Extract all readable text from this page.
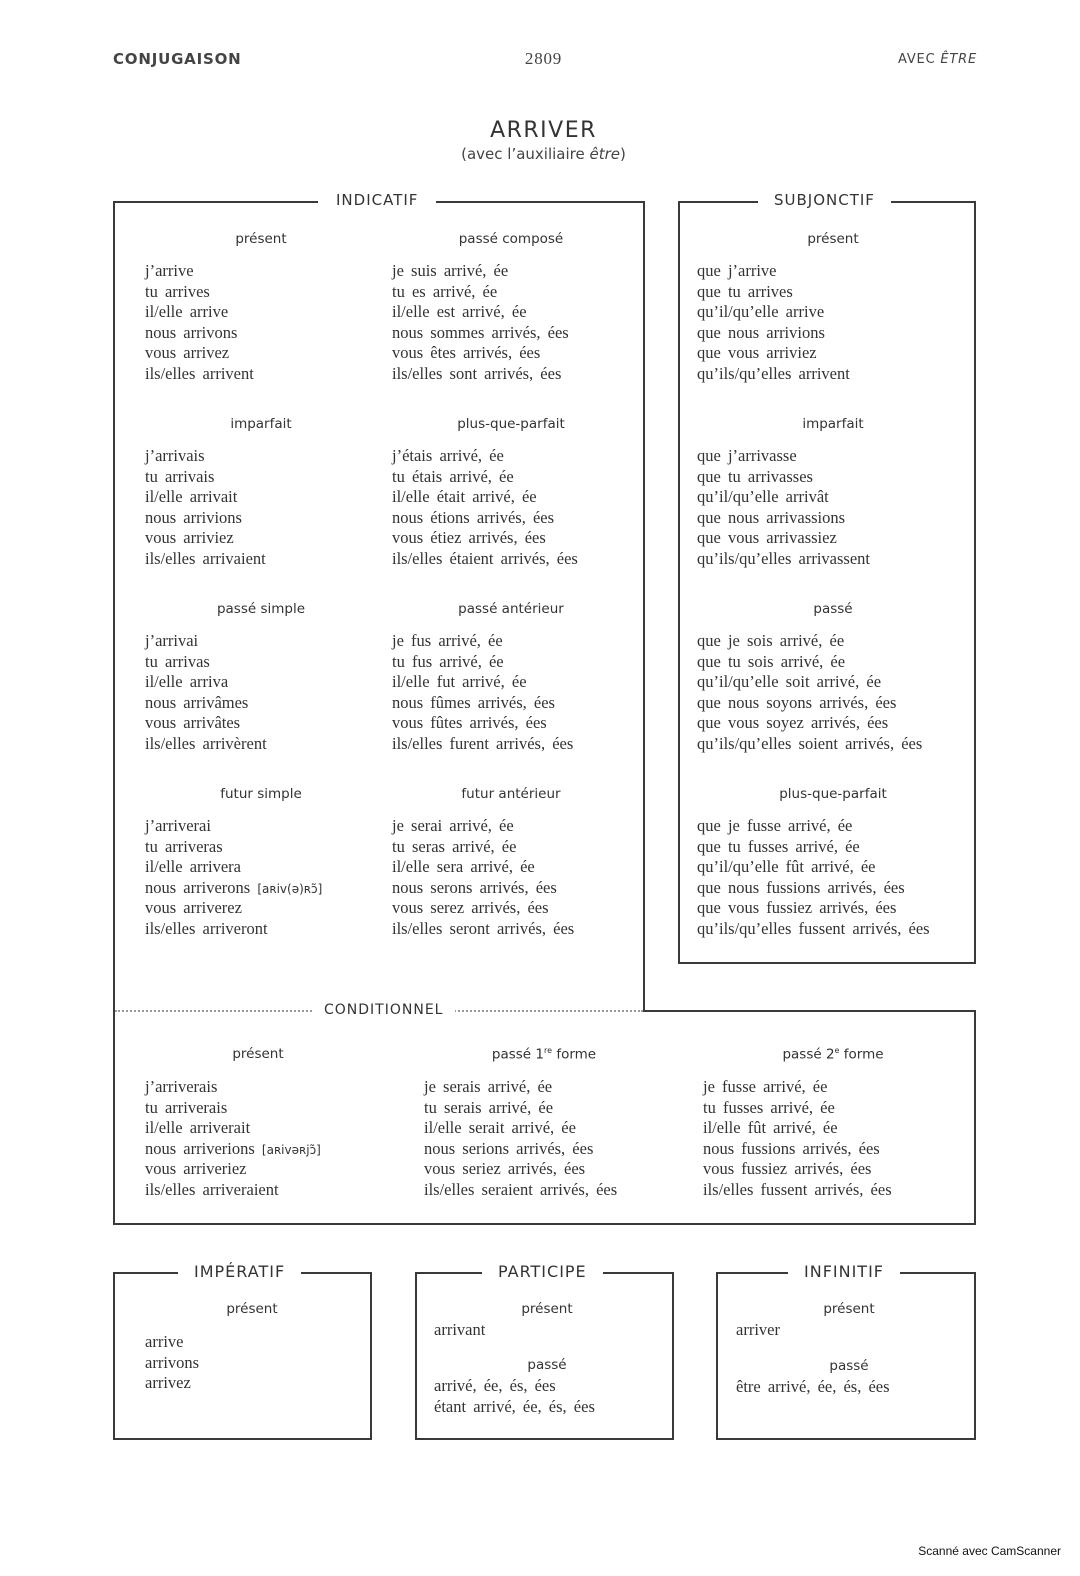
CONJUGAISON	2809	AVEC ÊTRE
ARRIVER
(avec l’auxiliaire être)
INDICATIF	SUBJONCTIF
CONDITIONNEL
IMPÉRATIF	PARTICIPE	INFINITIF
présent
j’arrive
tu arrives
il/elle arrive
nous arrivons
vous arrivez
ils/elles arrivent
passé composé
je suis arrivé, ée
tu es arrivé, ée
il/elle est arrivé, ée
nous sommes arrivés, ées
vous êtes arrivés, ées
ils/elles sont arrivés, ées
imparfait
j’arrivais
tu arrivais
il/elle arrivait
nous arrivions
vous arriviez
ils/elles arrivaient
plus-que-parfait
j’étais arrivé, ée
tu étais arrivé, ée
il/elle était arrivé, ée
nous étions arrivés, ées
vous étiez arrivés, ées
ils/elles étaient arrivés, ées
passé simple
j’arrivai
tu arrivas
il/elle arriva
nous arrivâmes
vous arrivâtes
ils/elles arrivèrent
passé antérieur
je fus arrivé, ée
tu fus arrivé, ée
il/elle fut arrivé, ée
nous fûmes arrivés, ées
vous fûtes arrivés, ées
ils/elles furent arrivés, ées
futur simple
j’arriverai
tu arriveras
il/elle arrivera
nous arriverons [aʀiv(ə)ʀɔ̃]
vous arriverez
ils/elles arriveront
futur antérieur
je serai arrivé, ée
tu seras arrivé, ée
il/elle sera arrivé, ée
nous serons arrivés, ées
vous serez arrivés, ées
ils/elles seront arrivés, ées
présent
que j’arrive
que tu arrives
qu’il/qu’elle arrive
que nous arrivions
que vous arriviez
qu’ils/qu’elles arrivent
imparfait
que j’arrivasse
que tu arrivasses
qu’il/qu’elle arrivât
que nous arrivassions
que vous arrivassiez
qu’ils/qu’elles arrivassent
passé
que je sois arrivé, ée
que tu sois arrivé, ée
qu’il/qu’elle soit arrivé, ée
que nous soyons arrivés, ées
que vous soyez arrivés, ées
qu’ils/qu’elles soient arrivés, ées
plus-que-parfait
que je fusse arrivé, ée
que tu fusses arrivé, ée
qu’il/qu’elle fût arrivé, ée
que nous fussions arrivés, ées
que vous fussiez arrivés, ées
qu’ils/qu’elles fussent arrivés, ées
présent
j’arriverais
tu arriverais
il/elle arriverait
nous arriverions [aʀivəʀjɔ̃]
vous arriveriez
ils/elles arriveraient
passé 1re forme
je serais arrivé, ée
tu serais arrivé, ée
il/elle serait arrivé, ée
nous serions arrivés, ées
vous seriez arrivés, ées
ils/elles seraient arrivés, ées
passé 2e forme
je fusse arrivé, ée
tu fusses arrivé, ée
il/elle fût arrivé, ée
nous fussions arrivés, ées
vous fussiez arrivés, ées
ils/elles fussent arrivés, ées
présent
arrive
arrivons
arrivez
présent
arrivant
passé
arrivé, ée, és, ées
étant arrivé, ée, és, ées
présent
arriver
passé
être arrivé, ée, és, ées
Scanné avec CamScanner
